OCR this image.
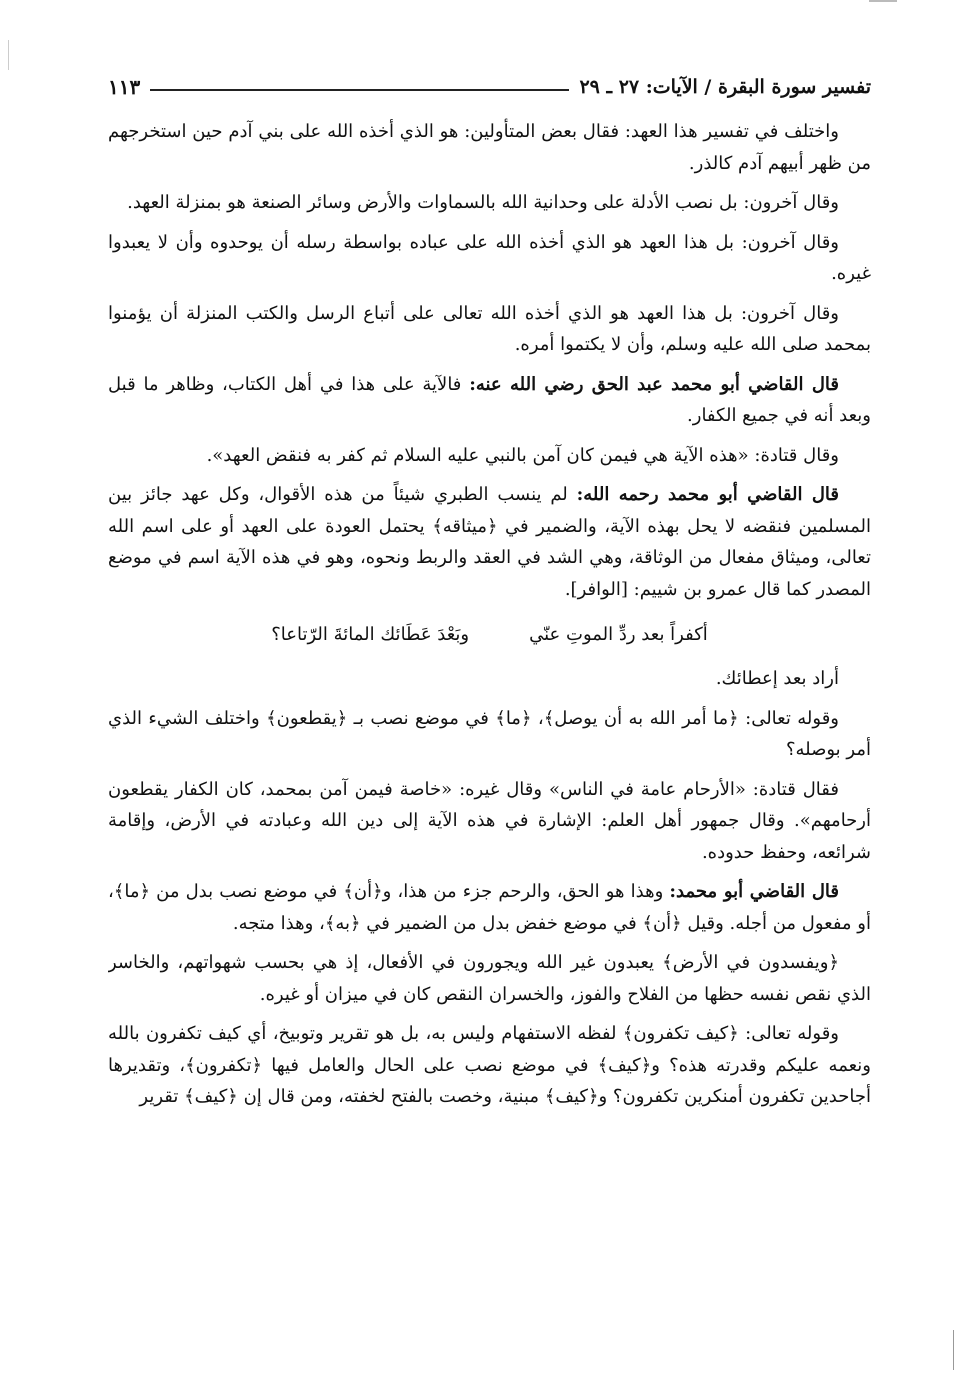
تفسير سورة البقرة / الآيات: ٢٧ ـ ٢٩
١١٣

واختلف في تفسير هذا العهد: فقال بعض المتأولين: هو الذي أخذه الله على بني آدم حين استخرجهم من ظهر أبيهم آدم كالذر.

وقال آخرون: بل نصب الأدلة على وحدانية الله بالسماوات والأرض وسائر الصنعة هو بمنزلة العهد.

وقال آخرون: بل هذا العهد هو الذي أخذه الله على عباده بواسطة رسله أن يوحدوه وأن لا يعبدوا غيره.

وقال آخرون: بل هذا العهد هو الذي أخذه الله تعالى على أتباع الرسل والكتب المنزلة أن يؤمنوا بمحمد صلى الله عليه وسلم، وأن لا يكتموا أمره.

قال القاضي أبو محمد عبد الحق رضي الله عنه: فالآية على هذا في أهل الكتاب، وظاهر ما قبل وبعد أنه في جميع الكفار.

وقال قتادة: «هذه الآية هي فيمن كان آمن بالنبي عليه السلام ثم كفر به فنقض العهد».

قال القاضي أبو محمد رحمه الله: لم ينسب الطبري شيئاً من هذه الأقوال، وكل عهد جائز بين المسلمين فنقضه لا يحل بهذه الآية، والضمير في ﴿ميثاقه﴾ يحتمل العودة على العهد أو على اسم الله تعالى، وميثاق مفعال من الوثاقة، وهي الشد في العقد والربط ونحوه، وهو في هذه الآية اسم في موضع المصدر كما قال عمرو بن شييم: [الوافر].

أكفراً بعد ردِّ الموتِ عنّي
وبَعْدَ عَطَائك المائةَ الرّتاعا؟

أراد بعد إعطائك.

وقوله تعالى: ﴿ما أمر الله به أن يوصل﴾، ﴿ما﴾ في موضع نصب بـ ﴿يقطعون﴾ واختلف الشيء الذي أمر بوصله؟

فقال قتادة: «الأرحام عامة في الناس» وقال غيره: «خاصة فيمن آمن بمحمد، كان الكفار يقطعون أرحامهم». وقال جمهور أهل العلم: الإشارة في هذه الآية إلى دين الله وعبادته في الأرض، وإقامة شرائعه، وحفظ حدوده.

قال القاضي أبو محمد: وهذا هو الحق، والرحم جزء من هذا، و﴿أن﴾ في موضع نصب بدل من ﴿ما﴾، أو مفعول من أجله. وقيل ﴿أن﴾ في موضع خفض بدل من الضمير في ﴿به﴾، وهذا متجه.

﴿ويفسدون في الأرض﴾ يعبدون غير الله ويجورون في الأفعال، إذ هي بحسب شهواتهم، والخاسر الذي نقص نفسه حظها من الفلاح والفوز، والخسران النقص كان في ميزان أو غيره.

وقوله تعالى: ﴿كيف تكفرون﴾ لفظه الاستفهام وليس به، بل هو تقرير وتوبيخ، أي كيف تكفرون بالله ونعمه عليكم وقدرته هذه؟ و﴿كيف﴾ في موضع نصب على الحال والعامل فيها ﴿تكفرون﴾، وتقديرها أجاحدين تكفرون أمنكرين تكفرون؟ و﴿كيف﴾ مبنية، وخصت بالفتح لخفته، ومن قال إن ﴿كيف﴾ تقرير
